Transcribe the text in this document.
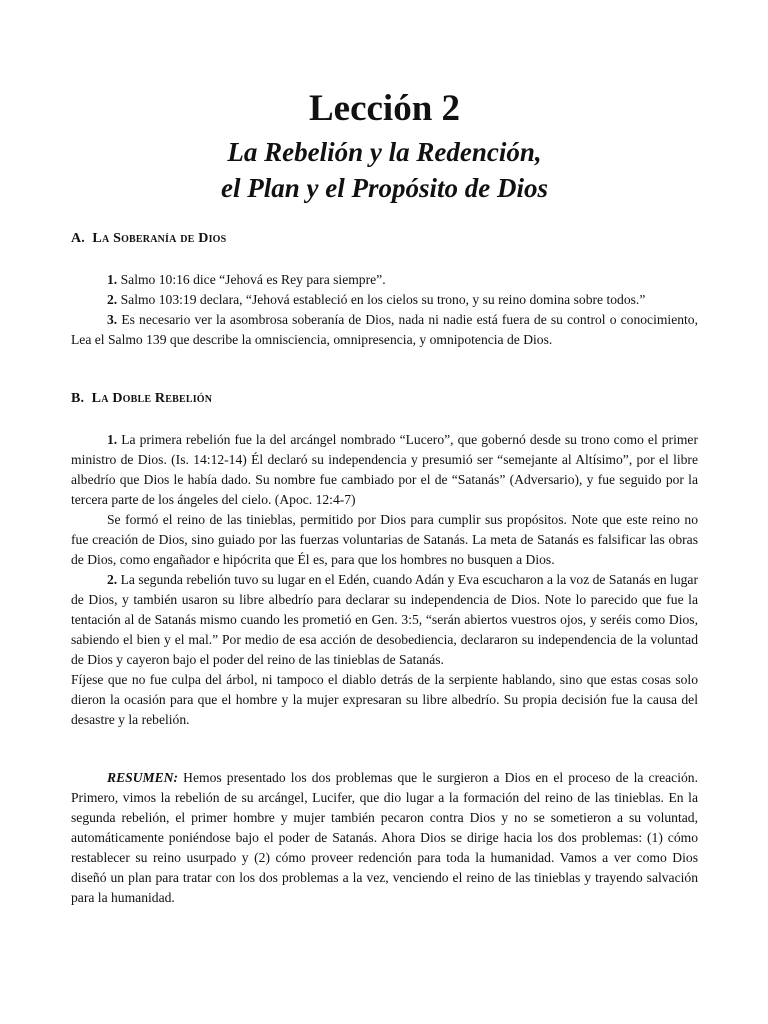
Lección 2
La Rebelión y la Redención,
el Plan y el Propósito de Dios
A. La Soberanía de Dios

1. Salmo 10:16 dice “Jehová es Rey para siempre”.

2. Salmo 103:19 declara, “Jehová estableció en los cielos su trono, y su reino domina sobre todos.”

3. Es necesario ver la asombrosa soberanía de Dios, nada ni nadie está fuera de su control o conocimiento, Lea el Salmo 139 que describe la omnisciencia, omnipresencia, y omnipotencia de Dios.

B. La Doble Rebelión

1. La primera rebelión fue la del arcángel nombrado “Lucero”, que gobernó desde su trono como el primer ministro de Dios. (Is. 14:12-14) Él declaró su independencia y presumió ser “semejante al Altísimo”, por el libre albedrío que Dios le había dado. Su nombre fue cambiado por el de “Satanás” (Adversario), y fue seguido por la tercera parte de los ángeles del cielo. (Apoc. 12:4-7)

Se formó el reino de las tinieblas, permitido por Dios para cumplir sus propósitos. Note que este reino no fue creación de Dios, sino guiado por las fuerzas voluntarias de Satanás. La meta de Satanás es falsificar las obras de Dios, como engañador e hipócrita que Él es, para que los hombres no busquen a Dios.

2. La segunda rebelión tuvo su lugar en el Edén, cuando Adán y Eva escucharon a la voz de Satanás en lugar de Dios, y también usaron su libre albedrío para declarar su independencia de Dios. Note lo parecido que fue la tentación al de Satanás mismo cuando les prometió en Gen. 3:5, “serán abiertos vuestros ojos, y seréis como Dios, sabiendo el bien y el mal.” Por medio de esa acción de desobediencia, declararon su independencia de la voluntad de Dios y cayeron bajo el poder del reino de las tinieblas de Satanás.

Fíjese que no fue culpa del árbol, ni tampoco el diablo detrás de la serpiente hablando, sino que estas cosas solo dieron la ocasión para que el hombre y la mujer expresaran su libre albedrío. Su propia decisión fue la causa del desastre y la rebelión.

RESUMEN: Hemos presentado los dos problemas que le surgieron a Dios en el proceso de la creación. Primero, vimos la rebelión de su arcángel, Lucifer, que dio lugar a la formación del reino de las tinieblas. En la segunda rebelión, el primer hombre y mujer también pecaron contra Dios y no se sometieron a su voluntad, automáticamente poniéndose bajo el poder de Satanás. Ahora Dios se dirige hacia los dos problemas: (1) cómo restablecer su reino usurpado y (2) cómo proveer redención para toda la humanidad. Vamos a ver como Dios diseñó un plan para tratar con los dos problemas a la vez, venciendo el reino de las tinieblas y trayendo salvación para la humanidad.
